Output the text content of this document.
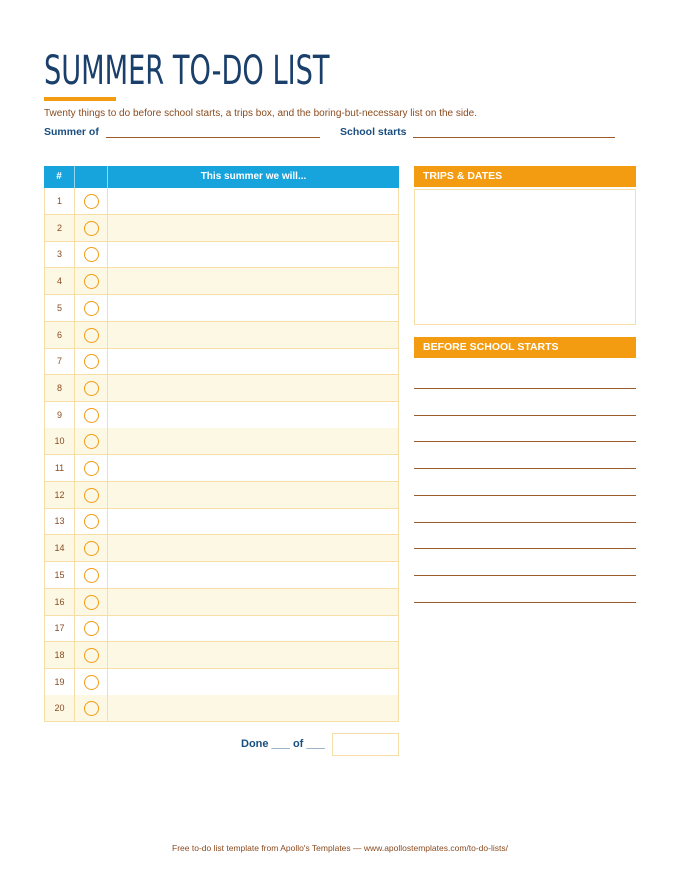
SUMMER TO-DO LIST
Twenty things to do before school starts, a trips box, and the boring-but-necessary list on the side.
Summer of	School starts
#	This summer we will...
1
2
3
4
5
6
7
8
9
10
11
12
13
14
15
16
17
18
19
20
Done ___ of ___
TRIPS & DATES
BEFORE SCHOOL STARTS
Free to-do list template from Apollo's Templates — www.apollostemplates.com/to-do-lists/
